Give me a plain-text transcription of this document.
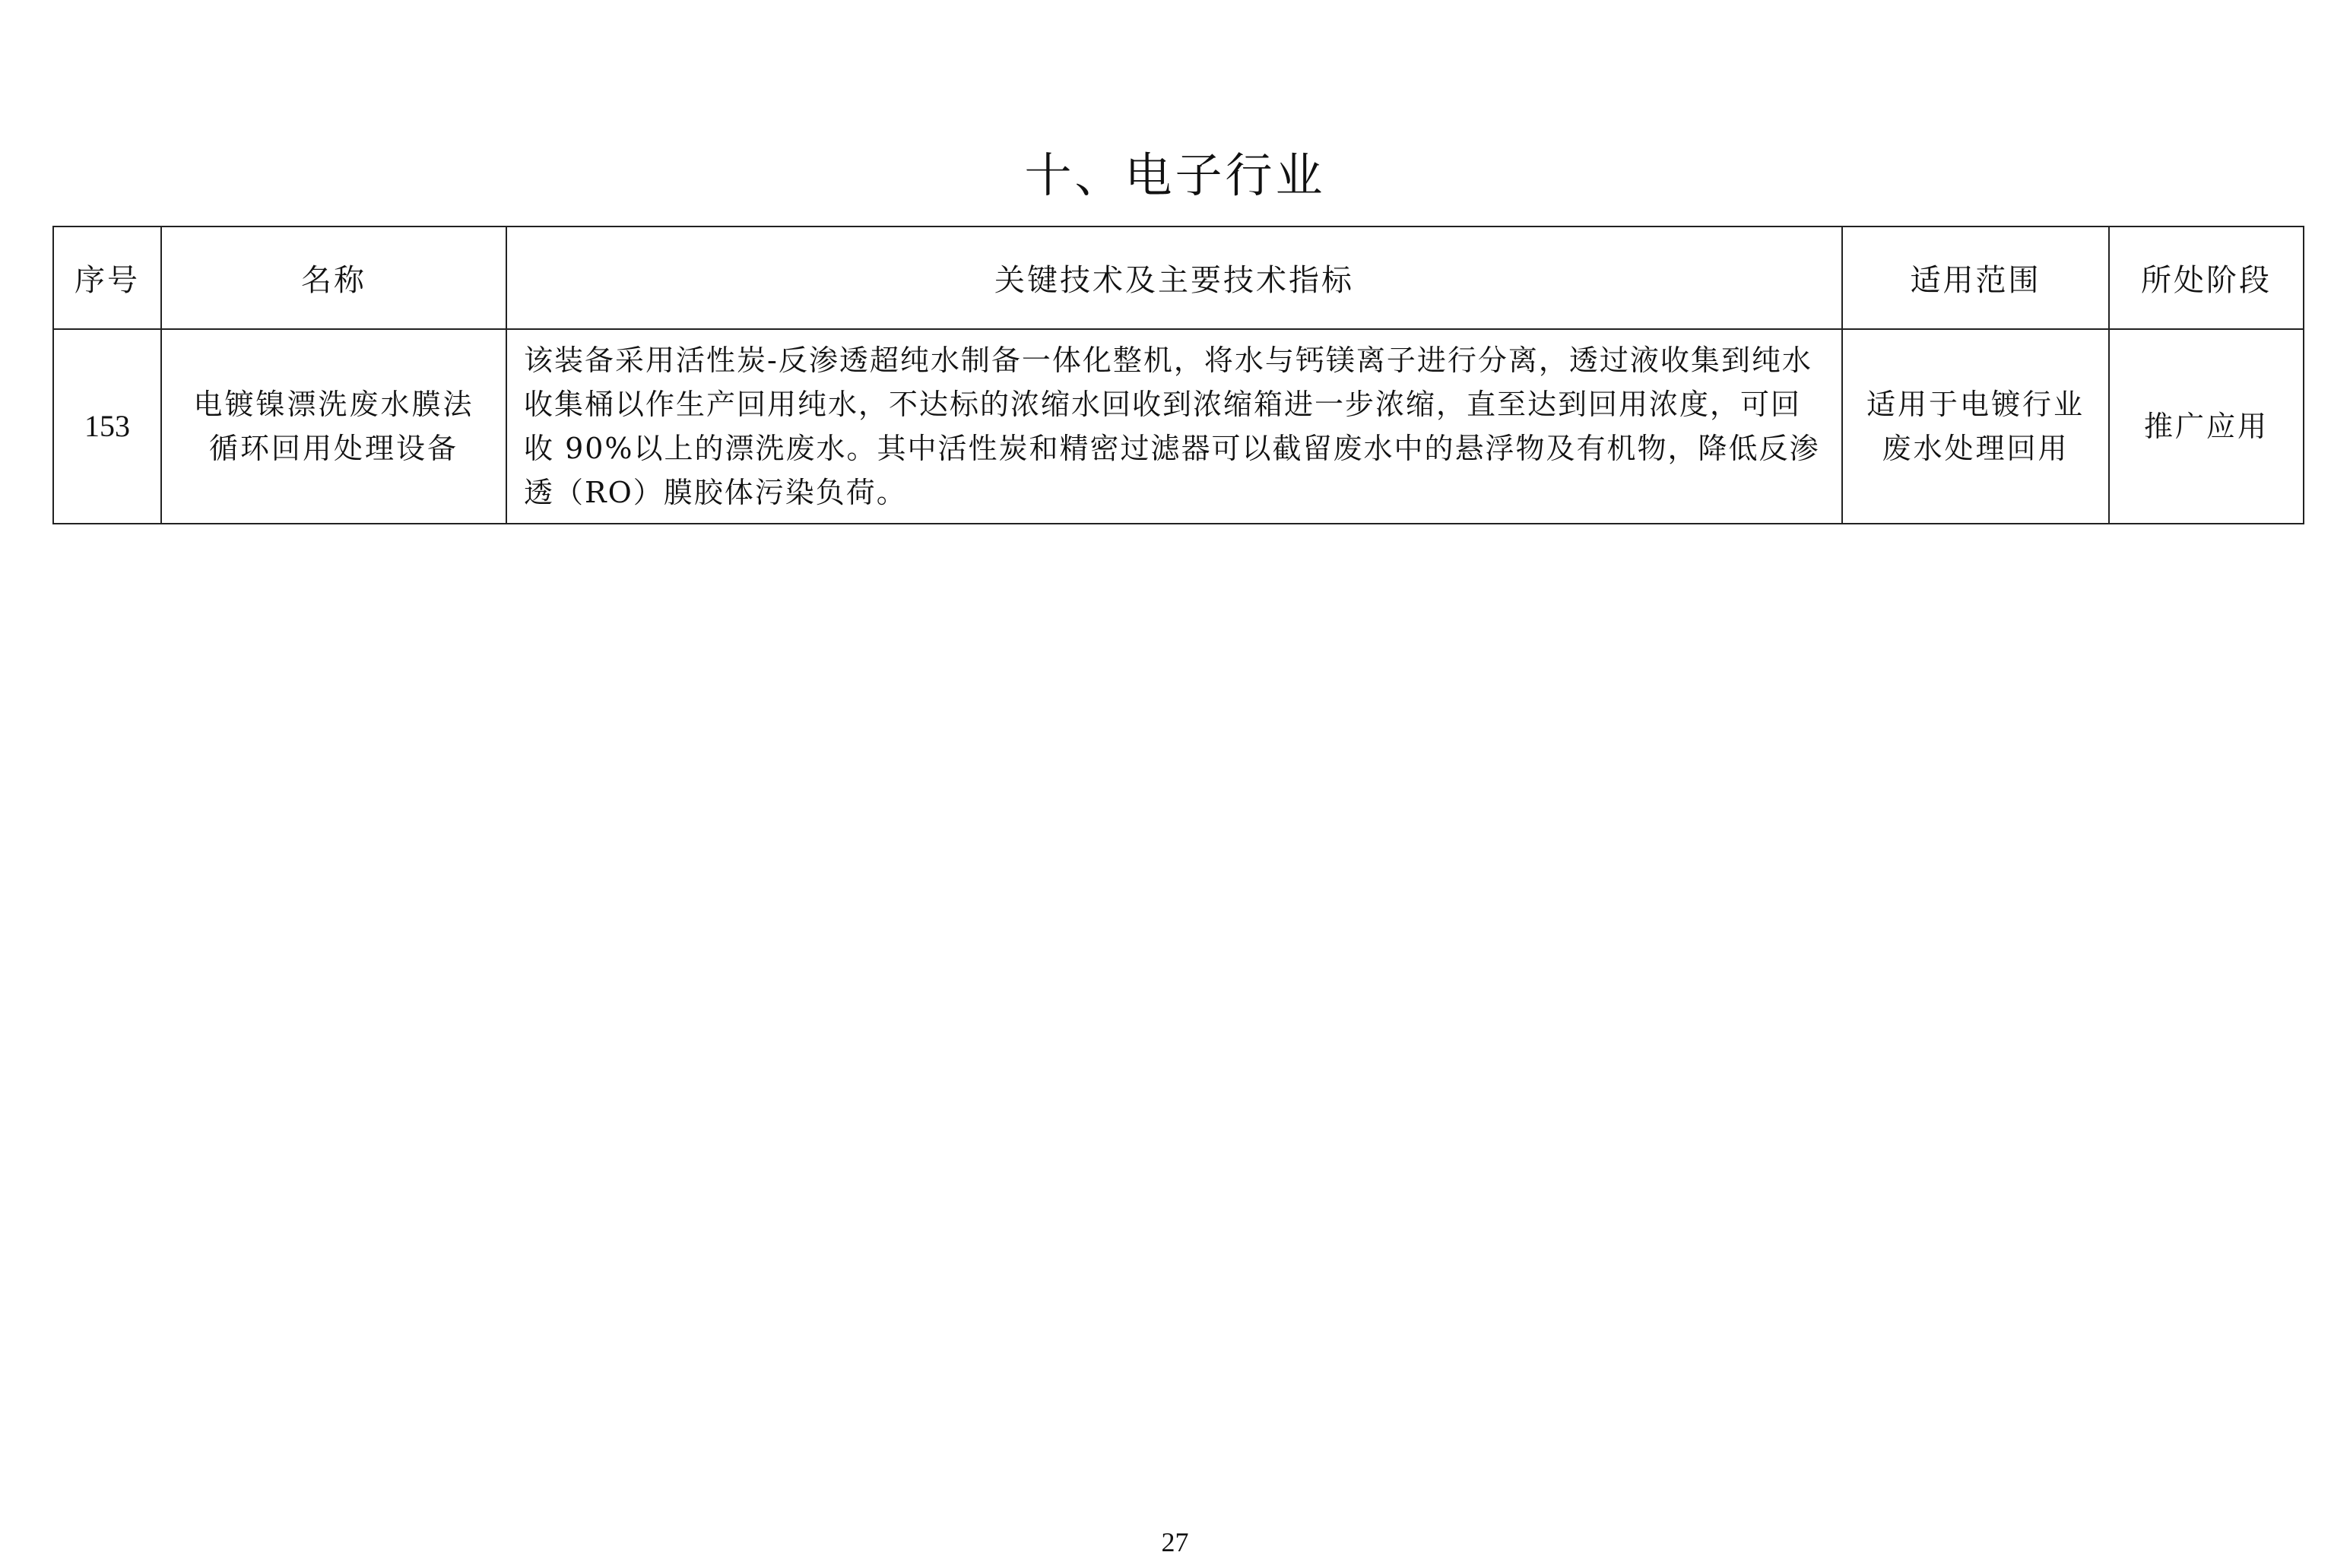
十、电子行业
序号	名称	关键技术及主要技术指标	适用范围	所处阶段
153	电镀镍漂洗废水膜法循环回用处理设备	该装备采用活性炭-反渗透超纯水制备一体化整机，将水与钙镁离子进行分离，透过液收集到纯水收集桶以作生产回用纯水，不达标的浓缩水回收到浓缩箱进一步浓缩，直至达到回用浓度，可回收 90%以上的漂洗废水。其中活性炭和精密过滤器可以截留废水中的悬浮物及有机物，降低反渗透（RO）膜胶体污染负荷。	适用于电镀行业废水处理回用	推广应用
27
